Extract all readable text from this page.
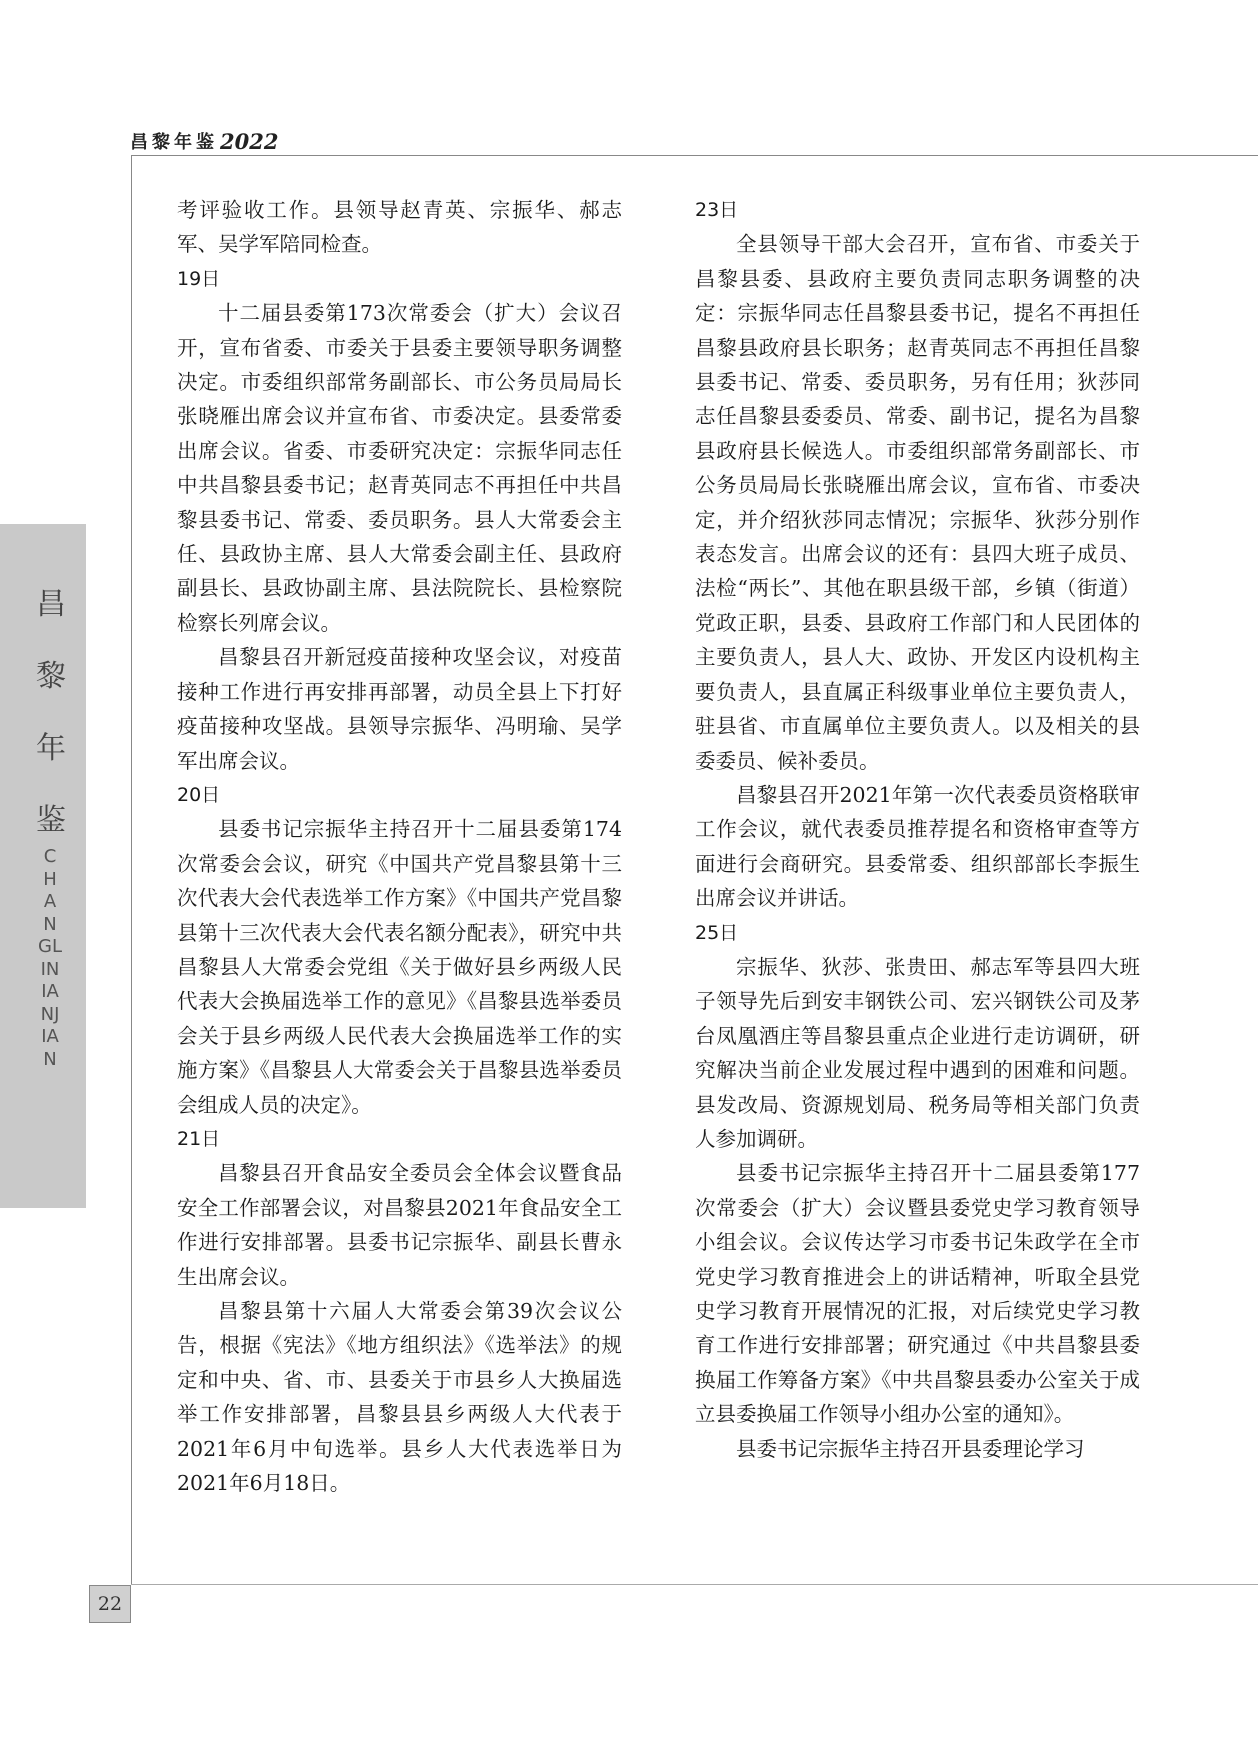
昌黎年鉴 2022
昌
黎
年
鉴
CHANGLINIANJIAN
22

考评验收工作。县领导赵青英、宗振华、郝志军、吴学军陪同检查。

19日

十二届县委第173次常委会（扩大）会议召开，宣布省委、市委关于县委主要领导职务调整决定。市委组织部常务副部长、市公务员局局长张晓雁出席会议并宣布省、市委决定。县委常委出席会议。省委、市委研究决定：宗振华同志任中共昌黎县委书记；赵青英同志不再担任中共昌黎县委书记、常委、委员职务。县人大常委会主任、县政协主席、县人大常委会副主任、县政府副县长、县政协副主席、县法院院长、县检察院检察长列席会议。

昌黎县召开新冠疫苗接种攻坚会议，对疫苗接种工作进行再安排再部署，动员全县上下打好疫苗接种攻坚战。县领导宗振华、冯明瑜、吴学军出席会议。

20日

县委书记宗振华主持召开十二届县委第174次常委会会议，研究《中国共产党昌黎县第十三次代表大会代表选举工作方案》《中国共产党昌黎县第十三次代表大会代表名额分配表》，研究中共昌黎县人大常委会党组《关于做好县乡两级人民代表大会换届选举工作的意见》《昌黎县选举委员会关于县乡两级人民代表大会换届选举工作的实施方案》《昌黎县人大常委会关于昌黎县选举委员会组成人员的决定》。

21日

昌黎县召开食品安全委员会全体会议暨食品安全工作部署会议，对昌黎县2021年食品安全工作进行安排部署。县委书记宗振华、副县长曹永生出席会议。

昌黎县第十六届人大常委会第39次会议公告，根据《宪法》《地方组织法》《选举法》的规定和中央、省、市、县委关于市县乡人大换届选举工作安排部署，昌黎县县乡两级人大代表于2021年6月中旬选举。县乡人大代表选举日为2021年6月18日。

23日

全县领导干部大会召开，宣布省、市委关于昌黎县委、县政府主要负责同志职务调整的决定：宗振华同志任昌黎县委书记，提名不再担任昌黎县政府县长职务；赵青英同志不再担任昌黎县委书记、常委、委员职务，另有任用；狄莎同志任昌黎县委委员、常委、副书记，提名为昌黎县政府县长候选人。市委组织部常务副部长、市公务员局局长张晓雁出席会议，宣布省、市委决定，并介绍狄莎同志情况；宗振华、狄莎分别作表态发言。出席会议的还有：县四大班子成员、法检“两长”、其他在职县级干部，乡镇（街道）党政正职，县委、县政府工作部门和人民团体的主要负责人，县人大、政协、开发区内设机构主要负责人，县直属正科级事业单位主要负责人，驻县省、市直属单位主要负责人。以及相关的县委委员、候补委员。

昌黎县召开2021年第一次代表委员资格联审工作会议，就代表委员推荐提名和资格审查等方面进行会商研究。县委常委、组织部部长李振生出席会议并讲话。

25日

宗振华、狄莎、张贵田、郝志军等县四大班子领导先后到安丰钢铁公司、宏兴钢铁公司及茅台凤凰酒庄等昌黎县重点企业进行走访调研，研究解决当前企业发展过程中遇到的困难和问题。县发改局、资源规划局、税务局等相关部门负责人参加调研。

县委书记宗振华主持召开十二届县委第177次常委会（扩大）会议暨县委党史学习教育领导小组会议。会议传达学习市委书记朱政学在全市党史学习教育推进会上的讲话精神，听取全县党史学习教育开展情况的汇报，对后续党史学习教育工作进行安排部署；研究通过《中共昌黎县委换届工作筹备方案》《中共昌黎县委办公室关于成立县委换届工作领导小组办公室的通知》。

县委书记宗振华主持召开县委理论学习
